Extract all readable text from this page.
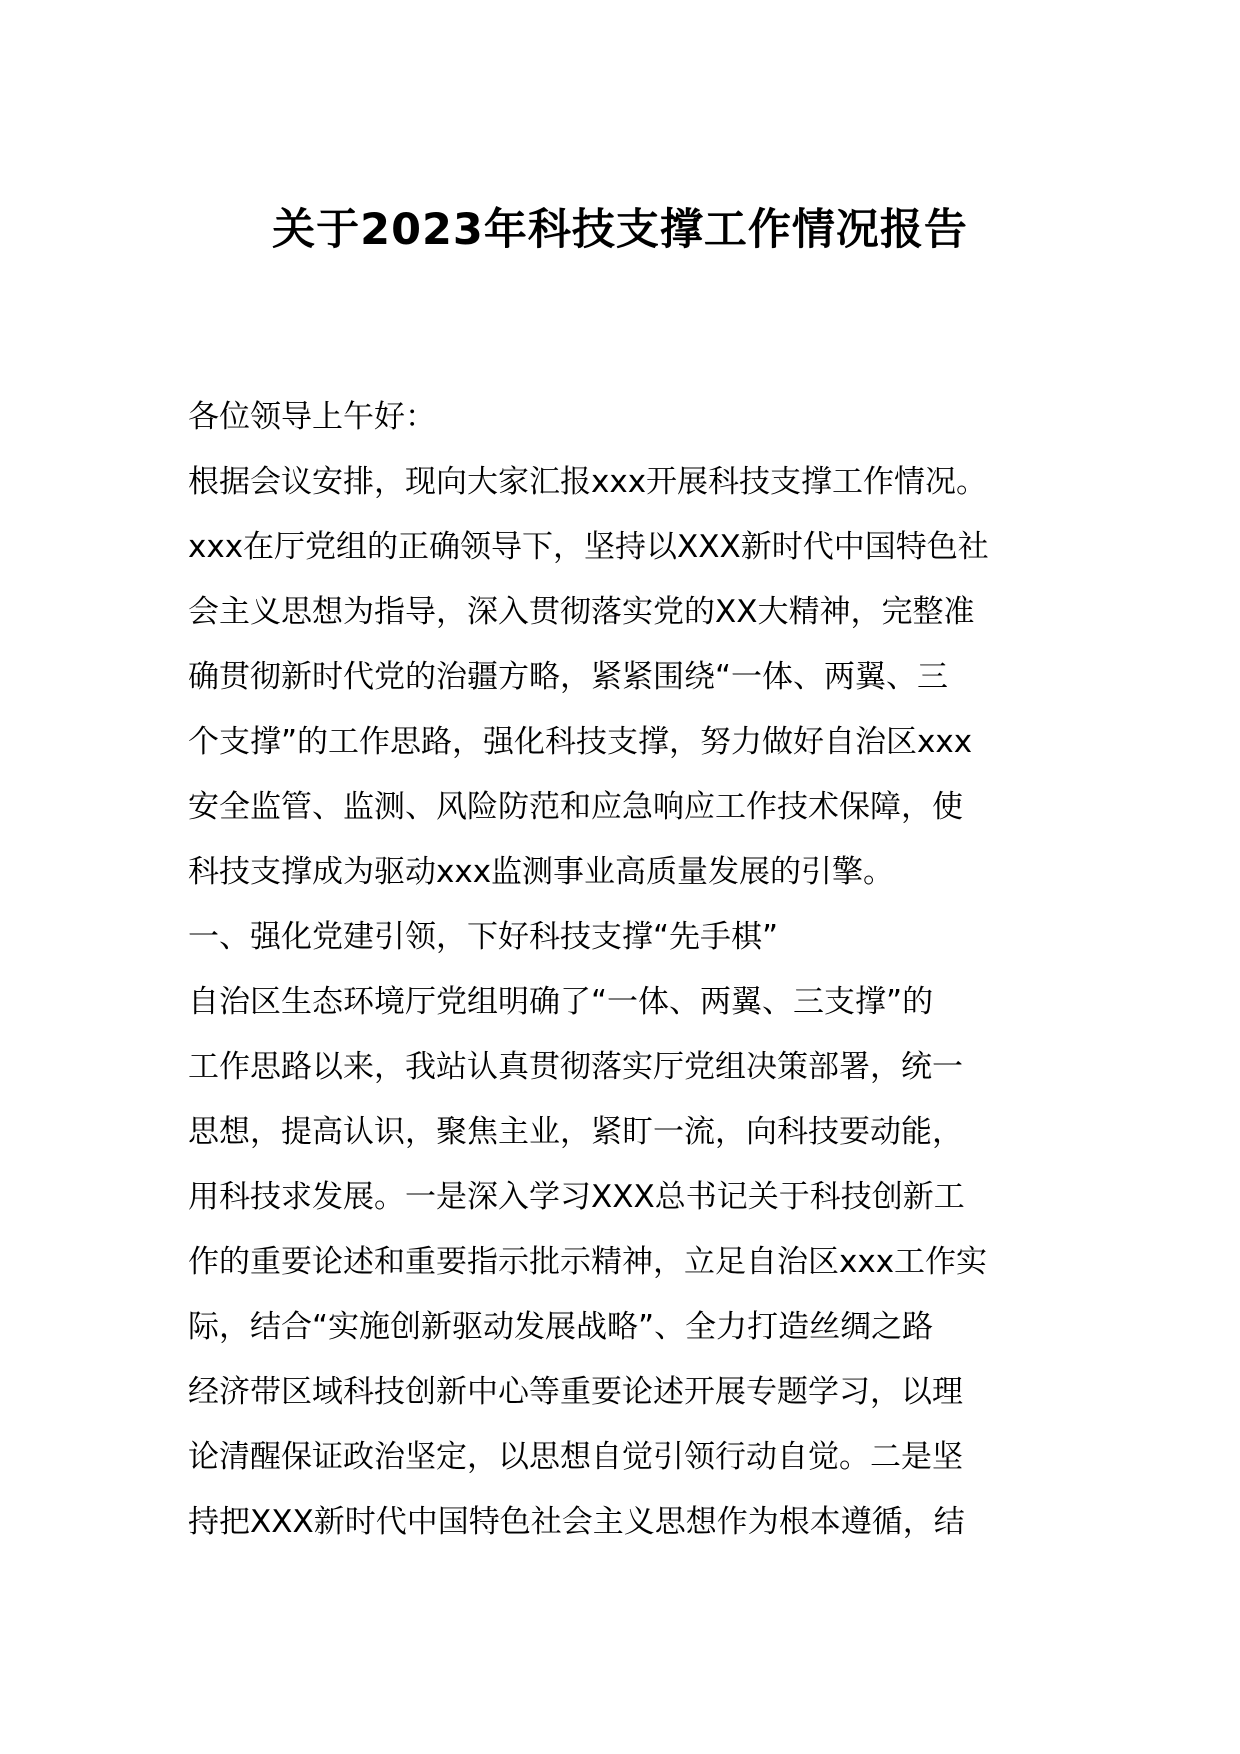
关于2023年科技支撑工作情况报告
各位领导上午好：
根据会议安排，现向大家汇报xxx开展科技支撑工作情况。
xxx在厅党组的正确领导下，坚持以XXX新时代中国特色社
会主义思想为指导，深入贯彻落实党的XX大精神，完整准
确贯彻新时代党的治疆方略，紧紧围绕“一体、两翼、三
个支撑”的工作思路，强化科技支撑，努力做好自治区xxx
安全监管、监测、风险防范和应急响应工作技术保障，使
科技支撑成为驱动xxx监测事业高质量发展的引擎。
一、强化党建引领，下好科技支撑“先手棋”
自治区生态环境厅党组明确了“一体、两翼、三支撑”的
工作思路以来，我站认真贯彻落实厅党组决策部署，统一
思想，提高认识，聚焦主业，紧盯一流，向科技要动能，
用科技求发展。一是深入学习XXX总书记关于科技创新工
作的重要论述和重要指示批示精神，立足自治区xxx工作实
际，结合“实施创新驱动发展战略”、全力打造丝绸之路
经济带区域科技创新中心等重要论述开展专题学习，以理
论清醒保证政治坚定，以思想自觉引领行动自觉。二是坚
持把XXX新时代中国特色社会主义思想作为根本遵循，结
